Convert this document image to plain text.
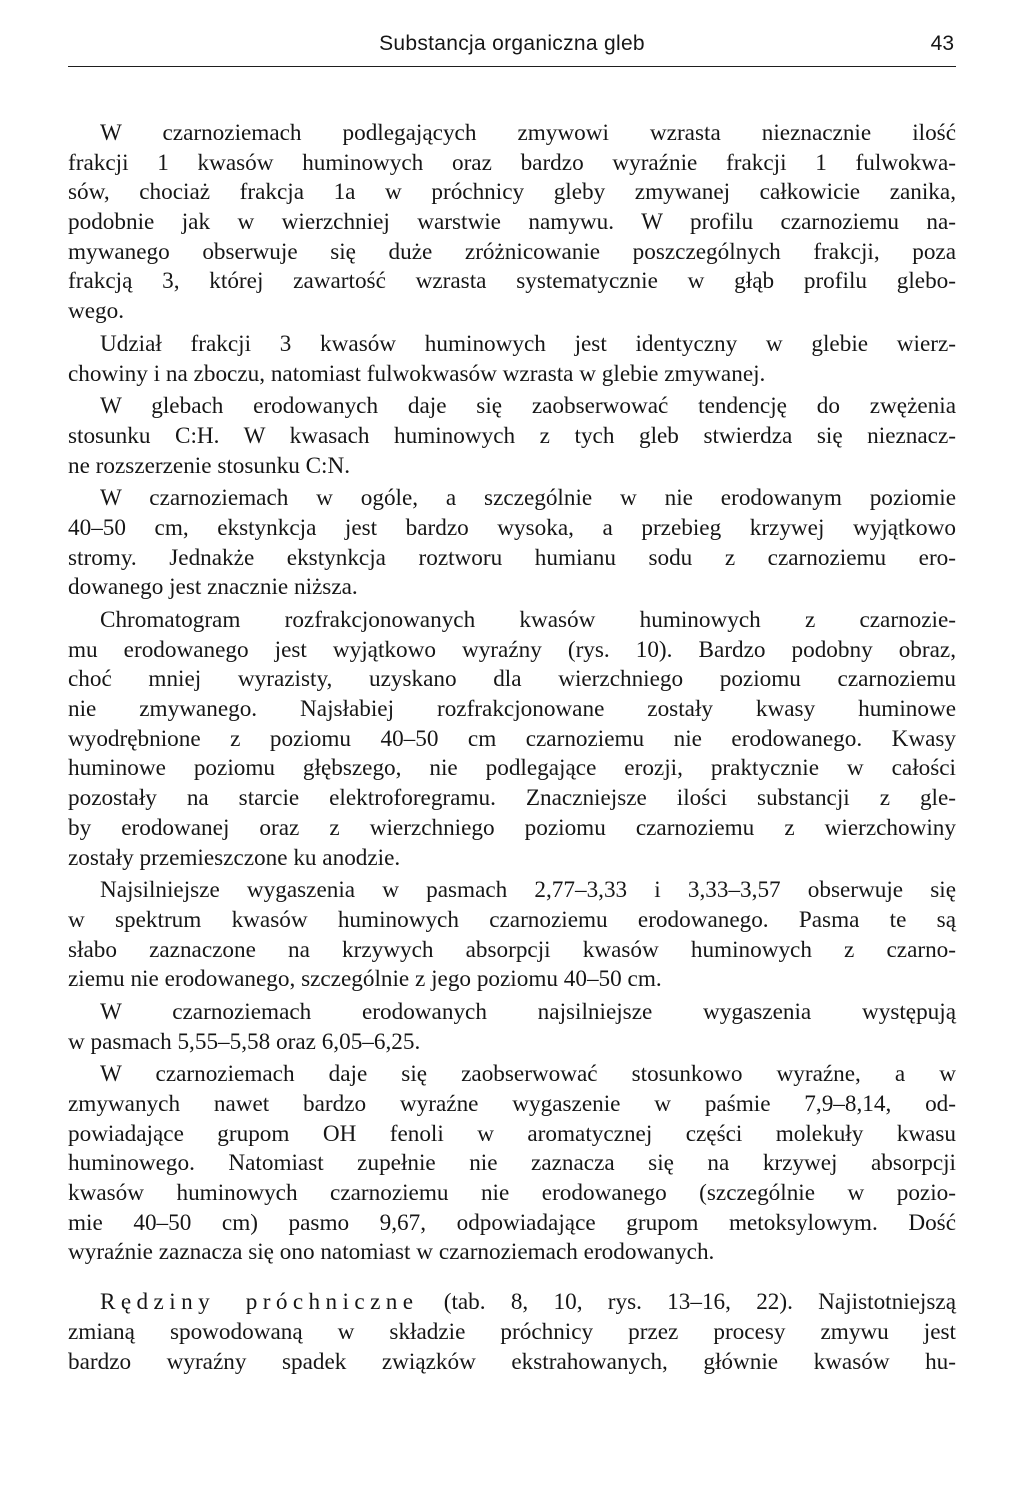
Substancja organiczna gleb	43

W czarnoziemach podlegających zmywowi wzrasta nieznacznie ilość
frakcji 1 kwasów huminowych oraz bardzo wyraźnie frakcji 1 fulwokwa-
sów, chociaż frakcja 1a w próchnicy gleby zmywanej całkowicie zanika,
podobnie jak w wierzchniej warstwie namywu. W profilu czarnoziemu na-
mywanego obserwuje się duże zróżnicowanie poszczególnych frakcji, poza
frakcją 3, której zawartość wzrasta systematycznie w głąb profilu glebo-
wego.

Udział frakcji 3 kwasów huminowych jest identyczny w glebie wierz-
chowiny i na zboczu, natomiast fulwokwasów wzrasta w glebie zmywanej.

W glebach erodowanych daje się zaobserwować tendencję do zwężenia
stosunku C:H. W kwasach huminowych z tych gleb stwierdza się nieznacz-
ne rozszerzenie stosunku C:N.

W czarnoziemach w ogóle, a szczególnie w nie erodowanym poziomie
40–50 cm, ekstynkcja jest bardzo wysoka, a przebieg krzywej wyjątkowo
stromy. Jednakże ekstynkcja roztworu humianu sodu z czarnoziemu ero-
dowanego jest znacznie niższa.

Chromatogram rozfrakcjonowanych kwasów huminowych z czarnozie-
mu erodowanego jest wyjątkowo wyraźny (rys. 10). Bardzo podobny obraz,
choć mniej wyrazisty, uzyskano dla wierzchniego poziomu czarnoziemu
nie zmywanego. Najsłabiej rozfrakcjonowane zostały kwasy huminowe
wyodrębnione z poziomu 40–50 cm czarnoziemu nie erodowanego. Kwasy
huminowe poziomu głębszego, nie podlegające erozji, praktycznie w całości
pozostały na starcie elektroforegramu. Znaczniejsze ilości substancji z gle-
by erodowanej oraz z wierzchniego poziomu czarnoziemu z wierzchowiny
zostały przemieszczone ku anodzie.

Najsilniejsze wygaszenia w pasmach 2,77–3,33 i 3,33–3,57 obserwuje się
w spektrum kwasów huminowych czarnoziemu erodowanego. Pasma te są
słabo zaznaczone na krzywych absorpcji kwasów huminowych z czarno-
ziemu nie erodowanego, szczególnie z jego poziomu 40–50 cm.

W czarnoziemach erodowanych najsilniejsze wygaszenia występują
w pasmach 5,55–5,58 oraz 6,05–6,25.

W czarnoziemach daje się zaobserwować stosunkowo wyraźne, a w
zmywanych nawet bardzo wyraźne wygaszenie w paśmie 7,9–8,14, od-
powiadające grupom OH fenoli w aromatycznej części molekuły kwasu
huminowego. Natomiast zupełnie nie zaznacza się na krzywej absorpcji
kwasów huminowych czarnoziemu nie erodowanego (szczególnie w pozio-
mie 40–50 cm) pasmo 9,67, odpowiadające grupom metoksylowym. Dość
wyraźnie zaznacza się ono natomiast w czarnoziemach erodowanych.

Rędziny próchniczne (tab. 8, 10, rys. 13–16, 22). Najistotniejszą
zmianą spowodowaną w składzie próchnicy przez procesy zmywu jest
bardzo wyraźny spadek związków ekstrahowanych, głównie kwasów hu-
